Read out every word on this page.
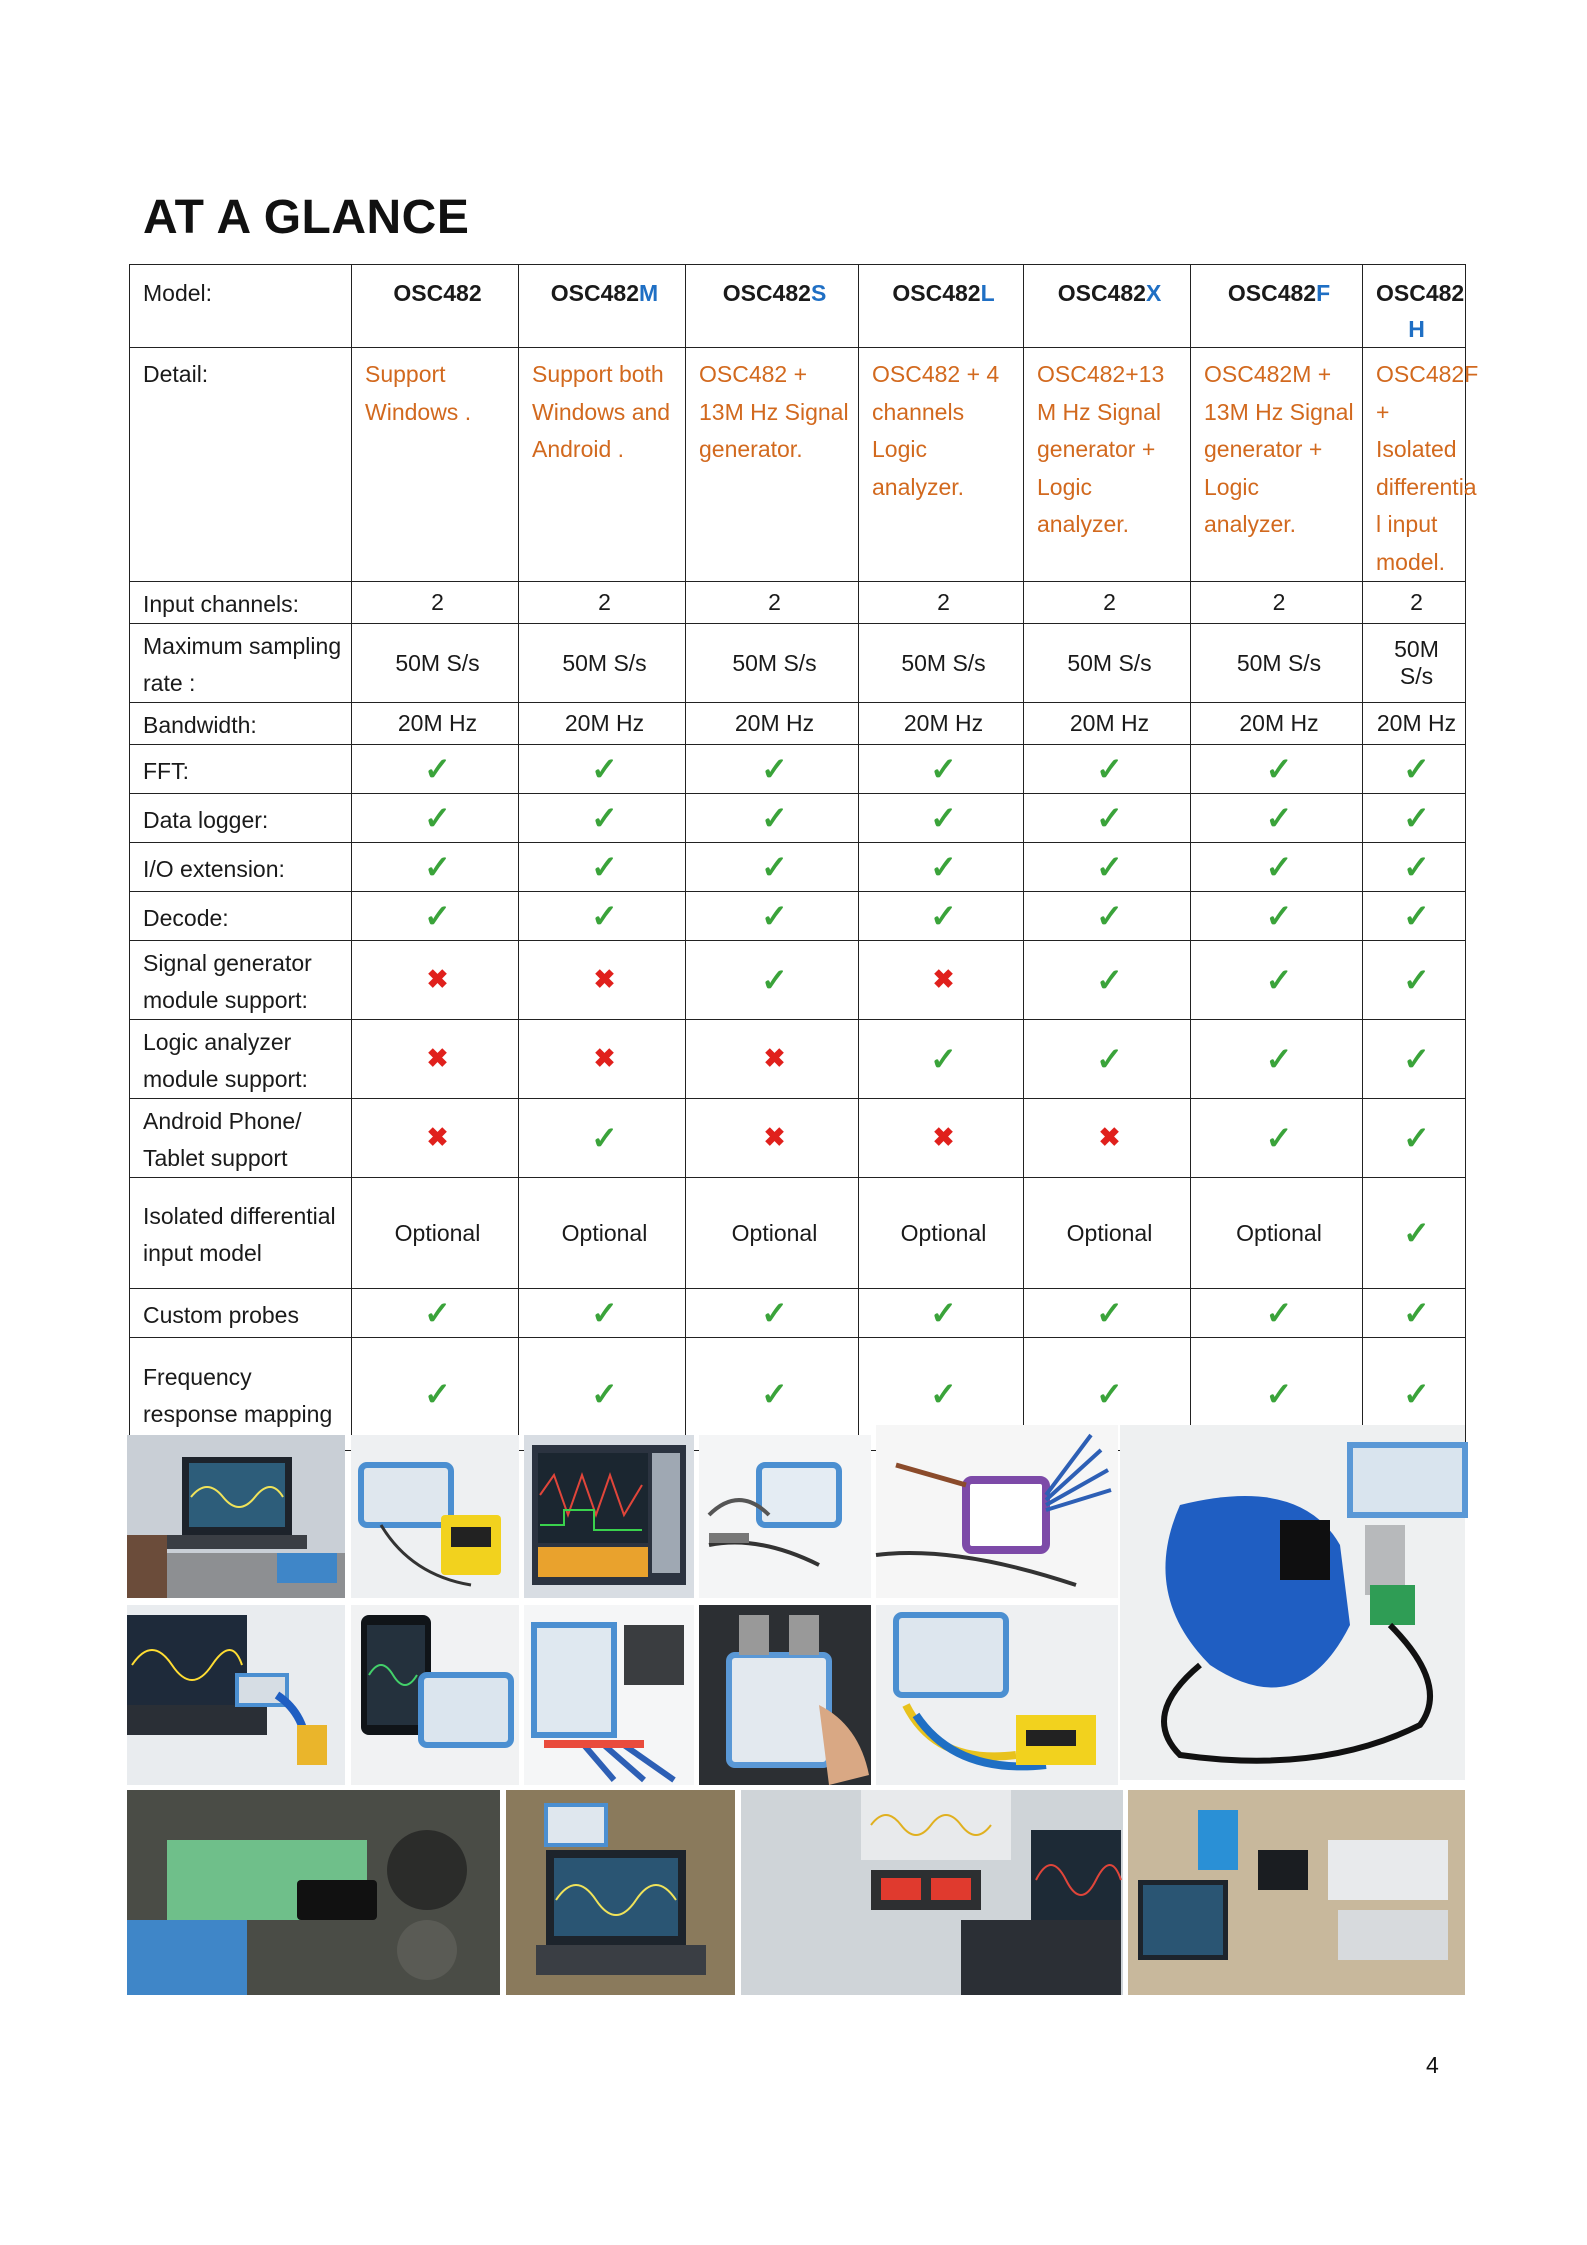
AT A GLANCE
Model:	OSC482	OSC482M	OSC482S	OSC482L	OSC482X	OSC482F	OSC482
H
Detail:	Support Windows .	Support both Windows and Android .	OSC482 + 13M Hz Signal generator.	OSC482 + 4 channels Logic analyzer.	OSC482+13 M Hz Signal generator + Logic analyzer.	OSC482M + 13M Hz Signal generator + Logic analyzer.	OSC482F + Isolated differentia l input model.
Input channels:	2	2	2	2	2	2	2
Maximum sampling rate :	50M S/s	50M S/s	50M S/s	50M S/s	50M S/s	50M S/s	50M S/s
Bandwidth:	20M Hz	20M Hz	20M Hz	20M Hz	20M Hz	20M Hz	20M Hz
FFT:	✓	✓	✓	✓	✓	✓	✓
Data logger:	✓	✓	✓	✓	✓	✓	✓
I/O extension:	✓	✓	✓	✓	✓	✓	✓
Decode:	✓	✓	✓	✓	✓	✓	✓
Signal generator module support:	✖	✖	✓	✖	✓	✓	✓
Logic analyzer module support:	✖	✖	✖	✓	✓	✓	✓
Android Phone/ Tablet support	✖	✓	✖	✖	✖	✓	✓
Isolated differential input model	Optional	Optional	Optional	Optional	Optional	Optional	✓
Custom probes	✓	✓	✓	✓	✓	✓	✓
Frequency response mapping	✓	✓	✓	✓	✓	✓	✓
4
